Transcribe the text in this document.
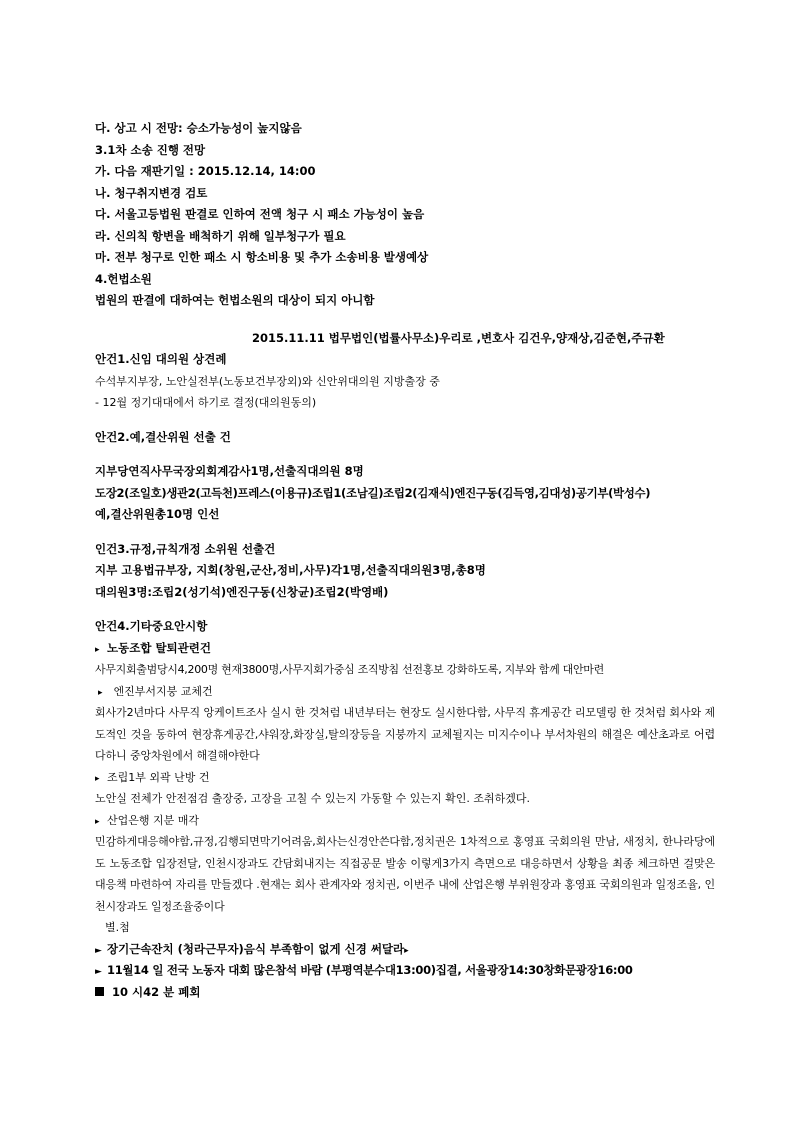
다. 상고 시 전망: 승소가능성이 높지않음
3.1차 소송 진행 전망
가. 다음 재판기일 : 2015.12.14, 14:00
나. 청구취지변경 검토
다. 서울고등법원 판결로 인하여 전액 청구 시 패소 가능성이 높음
라. 신의칙 항변을 배척하기 위해 일부청구가 필요
마. 전부 청구로 인한 패소 시 항소비용 및 추가 소송비용 발생예상
4.헌법소원
법원의 판결에 대하여는 헌법소원의 대상이 되지 아니함
2015.11.11 법무법인(법률사무소)우리로 ,변호사 김건우,양재상,김준현,주규환
안건1.신임 대의원 상견례
수석부지부장, 노안실전부(노동보건부장외)와 신안위대의원 지방출장 중
- 12월 정기대대에서 하기로 결정(대의원동의)
안건2.예,결산위원 선출 건
지부당연직사무국장외회계감사1명,선출직대의원 8명
도장2(조일호)생관2(고득천)프레스(이용규)조립1(조남길)조립2(김재식)엔진구동(김득영,김대성)공기부(박성수)
예,결산위원총10명 인선
인건3.규정,규칙개정 소위원 선출건
지부 고용법규부장, 지회(창원,군산,정비,사무)각1명,선출직대의원3명,총8명
대의원3명:조립2(성기석)엔진구동(신창균)조립2(박영배)
안건4.기타중요안시항
▸ 노동조합 탈퇴관련건
사무지회출범당시4,200명 현재3800명,사무지회가중심 조직방침 선전홍보 강화하도록, 지부와 함께 대안마련
▸ 엔진부서지붕 교체건
회사가2년마다 사무직 앙케이트조사 실시 한 것처럼 내년부터는 현장도 실시한다함, 사무직 휴게공간 리모델링 한 것처럼 회사와 제도적인 것을 동하여 현장휴게공간,샤워장,화장실,탈의장등을 지붕까지 교체될지는 미지수이나 부서차원의 해결은 예산초과로 어렵다하니 중앙차원에서 해결해야한다
▸ 조립1부 외곽 난방 건
노안실 전체가 안전점검 출장중, 고장을 고칠 수 있는지 가동할 수 있는지 확인. 조취하겠다.
▸ 산업은행 지분 매각
민감하게대응해야함,규정,김행되면막기어려움,회사는신경안쓴다함,정치권은 1차적으로 홍영표 국회의원 만남, 새정치, 한나라당에도 노동조합 입장전달, 인천시장과도 간담회내지는 직접공문 발송 이렇게3가지 측면으로 대응하면서 상황을 최종 체크하면 걸맞은 대응책 마련하여 자리를 만들겠다 .현재는 회사 관계자와 정치권, 이번주 내에 산업은행 부위원장과 홍영표 국회의원과 일정조율, 인천시장과도 일정조율중이다
별.첨
► 장기근속잔치 (청라근무자)음식 부족함이 없게 신경 써달라▸
► 11월14 일 전국 노동자 대회 많은참석 바람 (부평역분수대13:00)집결, 서울광장14:30창화문광장16:00
10 시42 분 폐회
